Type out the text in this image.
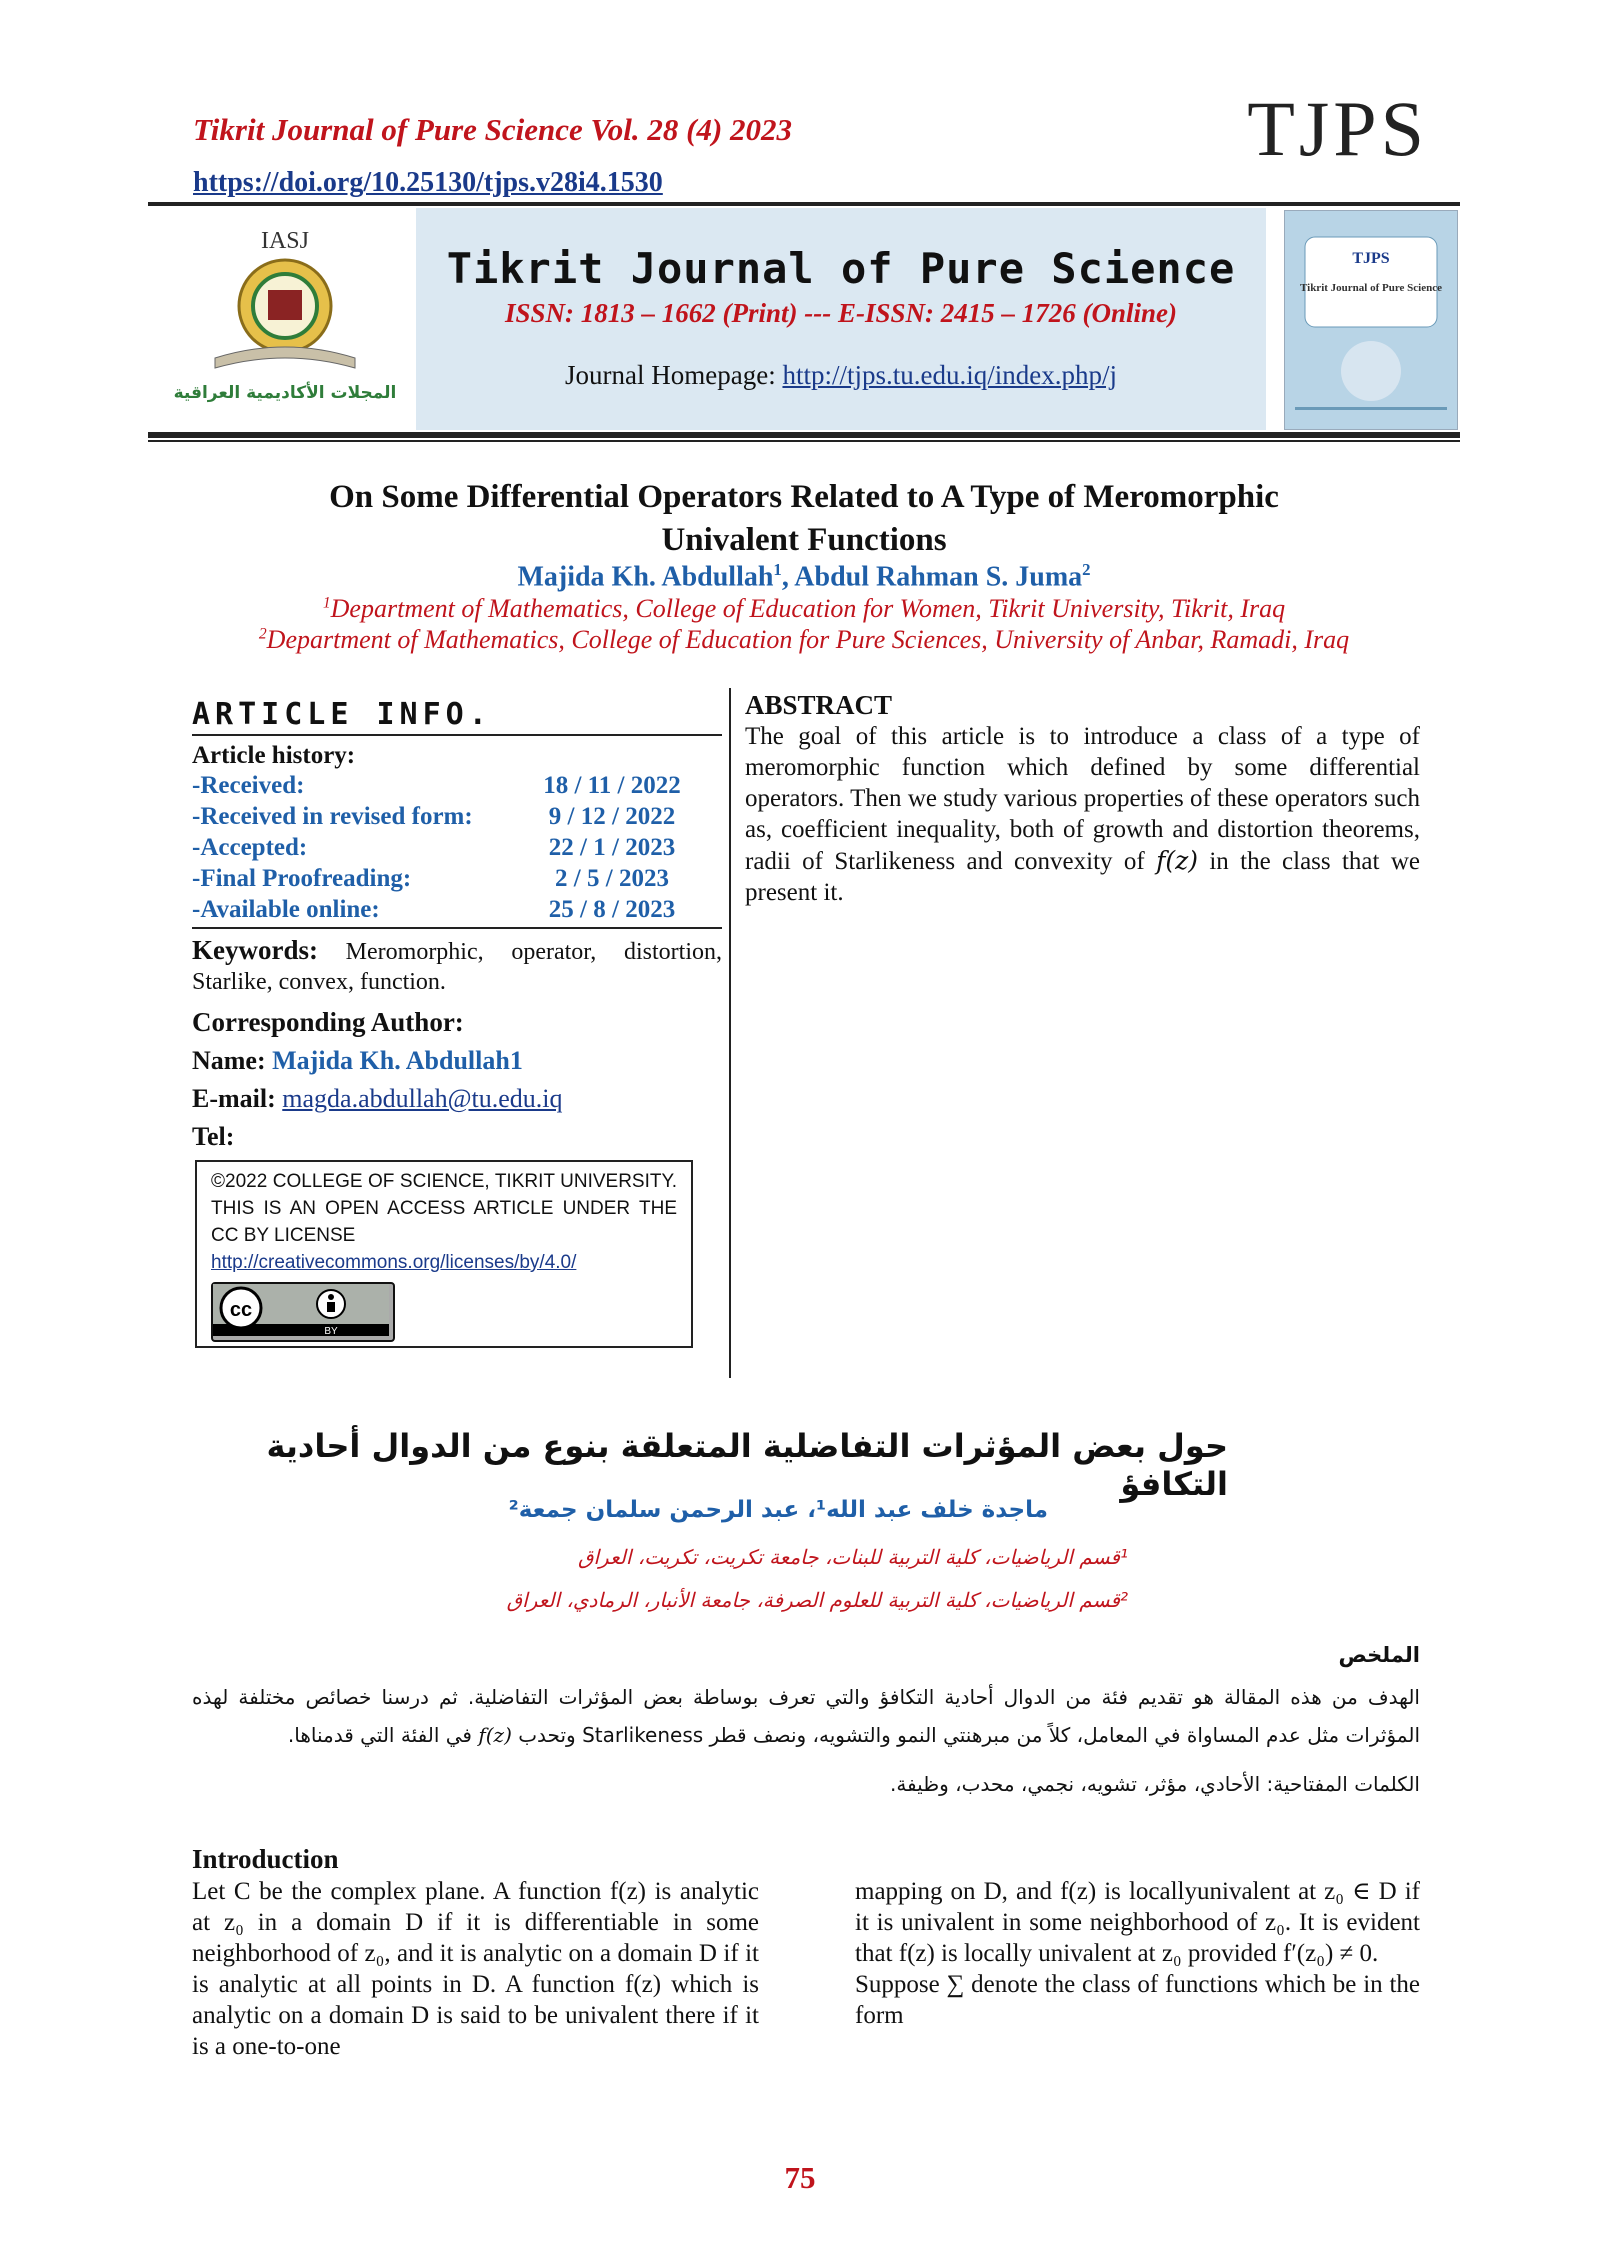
Tikrit Journal of Pure Science Vol. 28 (4) 2023	TJPS
https://doi.org/10.25130/tjps.v28i4.1530
IASJ
المجلات الأكاديمية العراقية
Tikrit Journal of Pure Science
ISSN: 1813 – 1662 (Print) --- E-ISSN: 2415 – 1726 (Online)
Journal Homepage: http://tjps.tu.edu.iq/index.php/j
TJPS
Tikrit Journal of Pure Science
On Some Differential Operators Related to A Type of Meromorphic
Univalent Functions
Majida Kh. Abdullah$^1$, Abdul Rahman S. Juma$^2$
$^1$Department of Mathematics, College of Education for Women, Tikrit University, Tikrit, Iraq
$^2$Department of Mathematics, College of Education for Pure Sciences, University of Anbar, Ramadi, Iraq
ARTICLE INFO.
Article history:
-Received:	18 / 11 / 2022
-Received in revised form:	9 / 12 / 2022
-Accepted:	22 / 1 / 2023
-Final Proofreading:	2 / 5 / 2023
-Available online:	25 / 8 / 2023
Keywords: Meromorphic, operator, distortion, Starlike, convex, function.
Corresponding Author:
Name: Majida Kh. Abdullah1
E-mail: magda.abdullah@tu.edu.iq
Tel:
©2022 COLLEGE OF SCIENCE, TIKRIT UNIVERSITY. THIS IS AN OPEN ACCESS ARTICLE UNDER THE CC BY LICENSE
http://creativecommons.org/licenses/by/4.0/
cc
BY
ABSTRACT
The goal of this article is to introduce a class of a type of meromorphic function which defined by some differential operators. Then we study various properties of these operators such as, coefficient inequality, both of growth and distortion theorems, radii of Starlikeness and convexity of f(z) in the class that we present it.
حول بعض المؤثرات التفاضلية المتعلقة بنوع من الدوال أحادية التكافؤ
ماجدة خلف عبد الله¹، عبد الرحمن سلمان جمعة²
¹قسم الرياضيات، كلية التربية للبنات، جامعة تكريت، تكريت، العراق
²قسم الرياضيات، كلية التربية للعلوم الصرفة، جامعة الأنبار، الرمادي، العراق
الملخص
الهدف من هذه المقالة هو تقديم فئة من الدوال أحادية التكافؤ والتي تعرف بوساطة بعض المؤثرات التفاضلية. ثم درسنا خصائص مختلفة لهذه المؤثرات مثل عدم المساواة في المعامل، كلاً من مبرهنتي النمو والتشويه، ونصف قطر Starlikeness وتحدب f(z) في الفئة التي قدمناها.
الكلمات المفتاحية: الأحادي، مؤثر، تشويه، نجمي، محدب، وظيفة.
Introduction
Let C be the complex plane. A function f(z) is analytic at z₀ in a domain D if it is differentiable in some neighborhood of z₀, and it is analytic on a domain D if it is analytic at all points in D. A function f(z) which is analytic on a domain D is said to be univalent there if it is a one-to-one
mapping on D, and f(z) is locallyunivalent at z₀ ∈ D if it is univalent in some neighborhood of z₀. It is evident that f(z) is locally univalent at z₀ provided f′(z₀) ≠ 0.
Suppose ∑ denote the class of functions which be in the form
75
